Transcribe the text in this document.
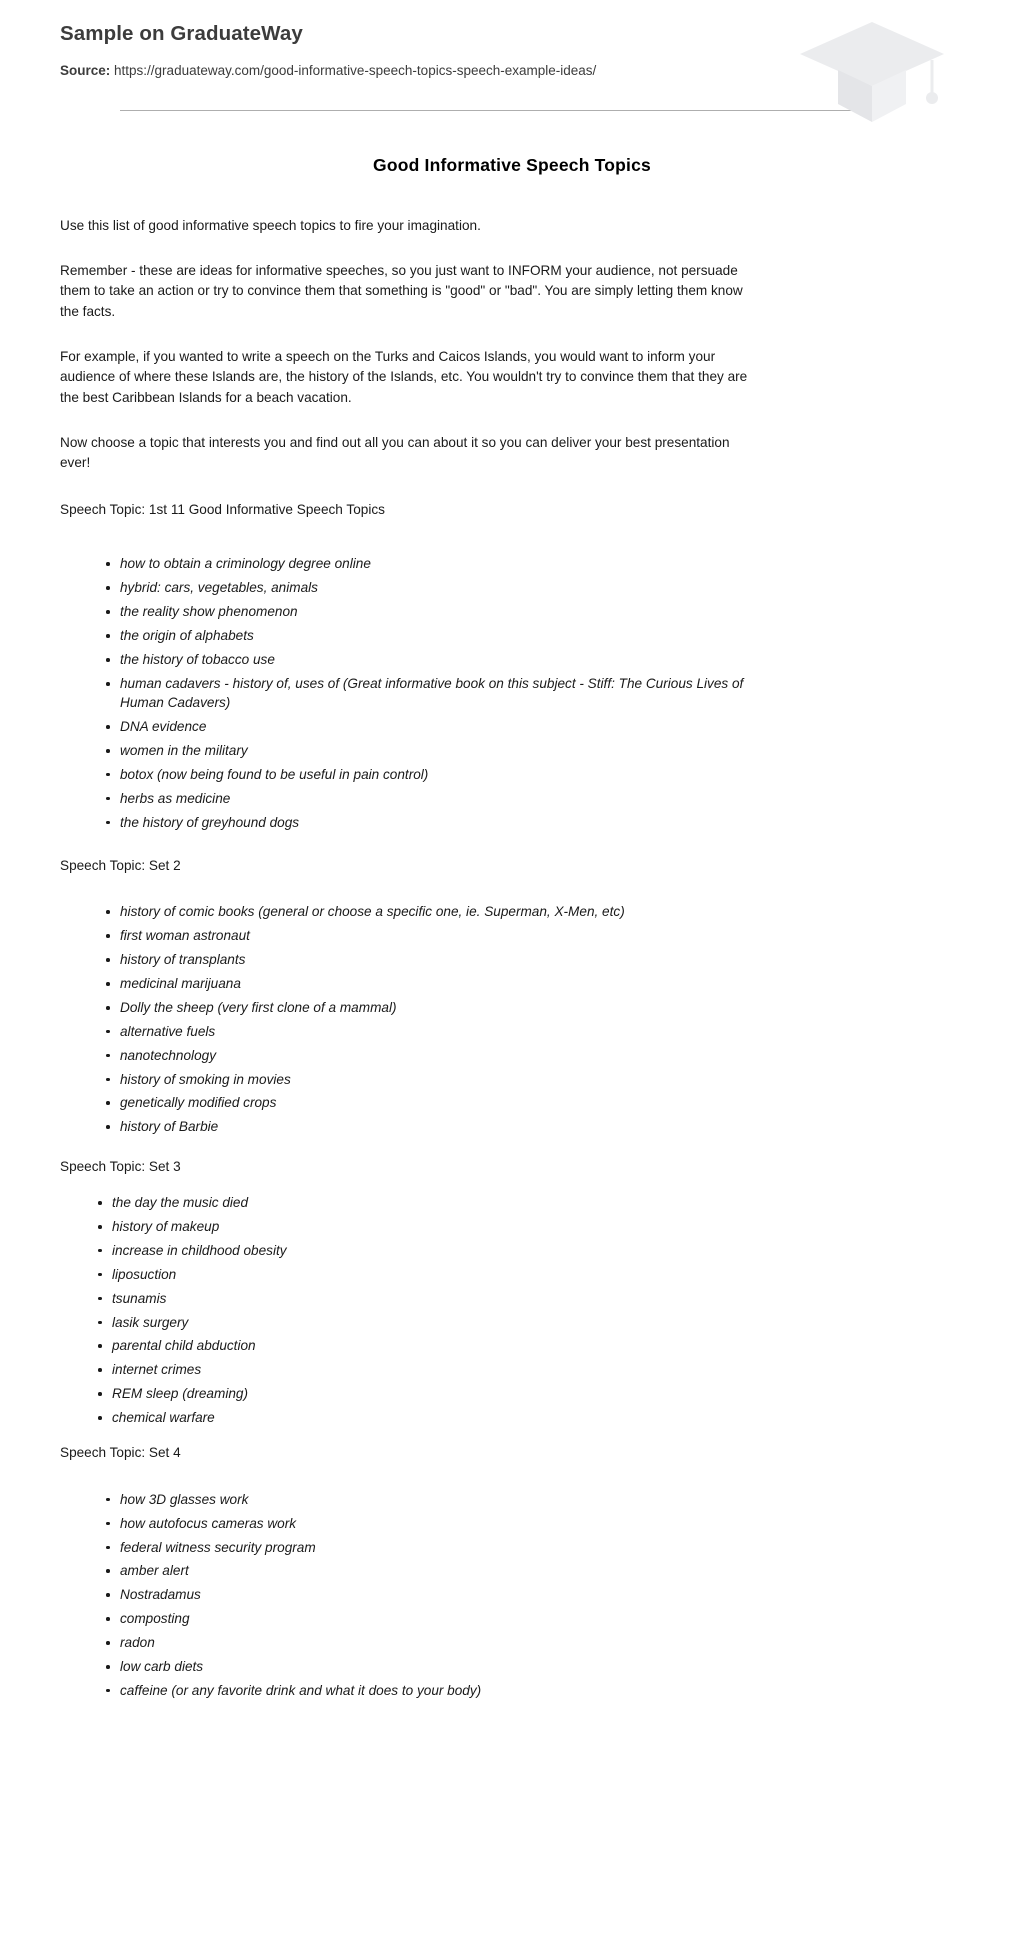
Sample on GraduateWay

Source: https://graduateway.com/good-informative-speech-topics-speech-example-ideas/

Good Informative Speech Topics

Use this list of good informative speech topics to fire your imagination.

Remember - these are ideas for informative speeches, so you just want to INFORM your audience, not persuade them to take an action or try to convince them that something is "good" or "bad". You are simply letting them know the facts.

For example, if you wanted to write a speech on the Turks and Caicos Islands, you would want to inform your audience of where these Islands are, the history of the Islands, etc. You wouldn't try to convince them that they are the best Caribbean Islands for a beach vacation.

Now choose a topic that interests you and find out all you can about it so you can deliver your best presentation ever!

Speech Topic: 1st 11 Good Informative Speech Topics

how to obtain a criminology degree online
hybrid: cars, vegetables, animals
the reality show phenomenon
the origin of alphabets
the history of tobacco use
human cadavers - history of, uses of (Great informative book on this subject - Stiff: The Curious Lives of Human Cadavers)
DNA evidence
women in the military
botox (now being found to be useful in pain control)
herbs as medicine
the history of greyhound dogs

Speech Topic: Set 2

history of comic books (general or choose a specific one, ie. Superman, X-Men, etc)
first woman astronaut
history of transplants
medicinal marijuana
Dolly the sheep (very first clone of a mammal)
alternative fuels
nanotechnology
history of smoking in movies
genetically modified crops
history of Barbie

Speech Topic: Set 3

the day the music died
history of makeup
increase in childhood obesity
liposuction
tsunamis
lasik surgery
parental child abduction
internet crimes
REM sleep (dreaming)
chemical warfare

Speech Topic: Set 4

how 3D glasses work
how autofocus cameras work
federal witness security program
amber alert
Nostradamus
composting
radon
low carb diets
caffeine (or any favorite drink and what it does to your body)
